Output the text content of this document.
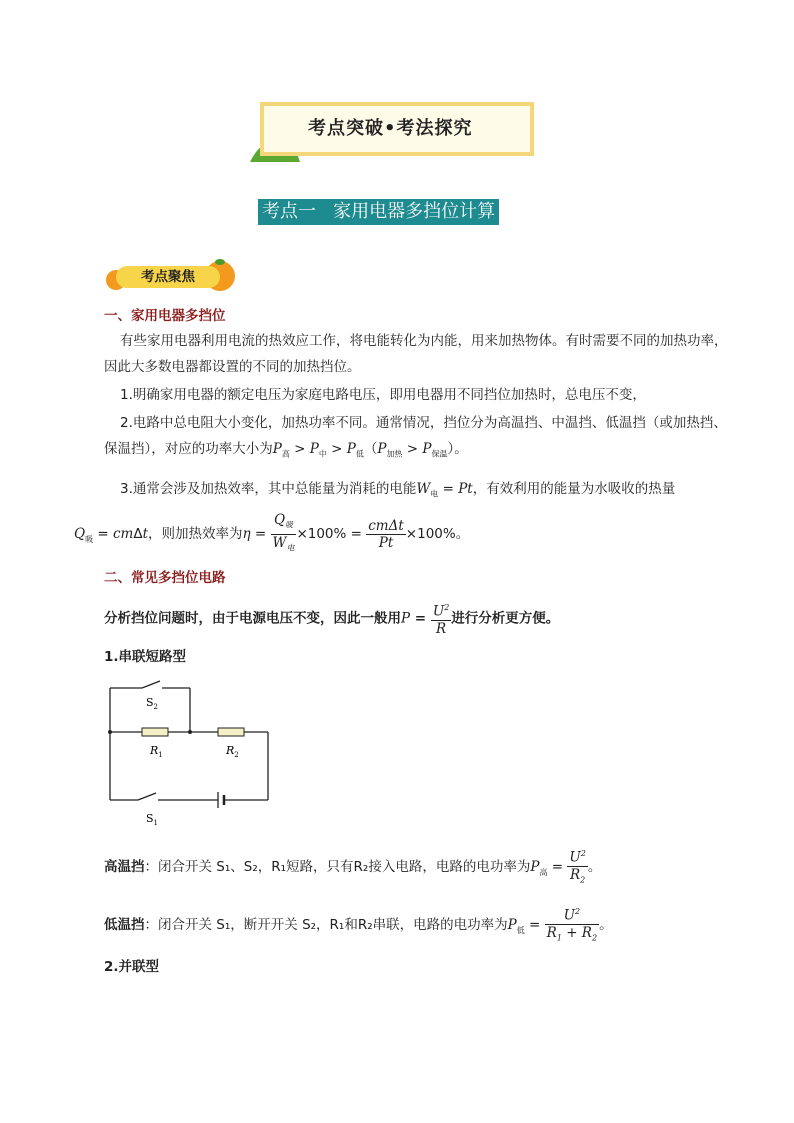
考点突破•考法探究
考点一   家用电器多挡位计算
考点聚焦
一、家用电器多挡位
有些家用电器利用电流的热效应工作，将电能转化为内能，用来加热物体。有时需要不同的加热功率，
因此大多数电器都设置的不同的加热挡位。
1.明确家用电器的额定电压为家庭电路电压，即用电器用不同挡位加热时，总电压不变，
2.电路中总电阻大小变化，加热功率不同。通常情况，挡位分为高温挡、中温挡、低温挡（或加热挡、
保温挡），对应的功率大小为$P_高 > P_中 > P_低(P_{加热} > P_{保温})$。
3.通常会涉及加热效率，其中总能量为消耗的电能$W_电 = Pt$，有效利用的能量为水吸收的热量
$Q_吸 = cm\Delta t$，则加热效率为$\eta = \frac{Q_吸}{W_电} \times 100\% = \frac{\text{cmΔt}}{Pt} \times 100\%$。
二、常见多挡位电路
分析挡位问题时，由于电源电压不变，因此一般用$P = \frac{U^2}{R}$ 进行分析更方便。
1.串联短路型
$S_2$
$R_1$	$R_2$
$S_1$
高温挡：闭合开关 S₁、S₂，R₁短路，只有R₂接入电路，电路的电功率为$P_高 = \frac{U^2}{R_2}$ 。
低温挡：闭合开关 S₁，断开开关 S₂，R₁和R₂串联，电路的电功率为$P_低 = \frac{U^2}{R_1 + R_2}$ 。
2.并联型
